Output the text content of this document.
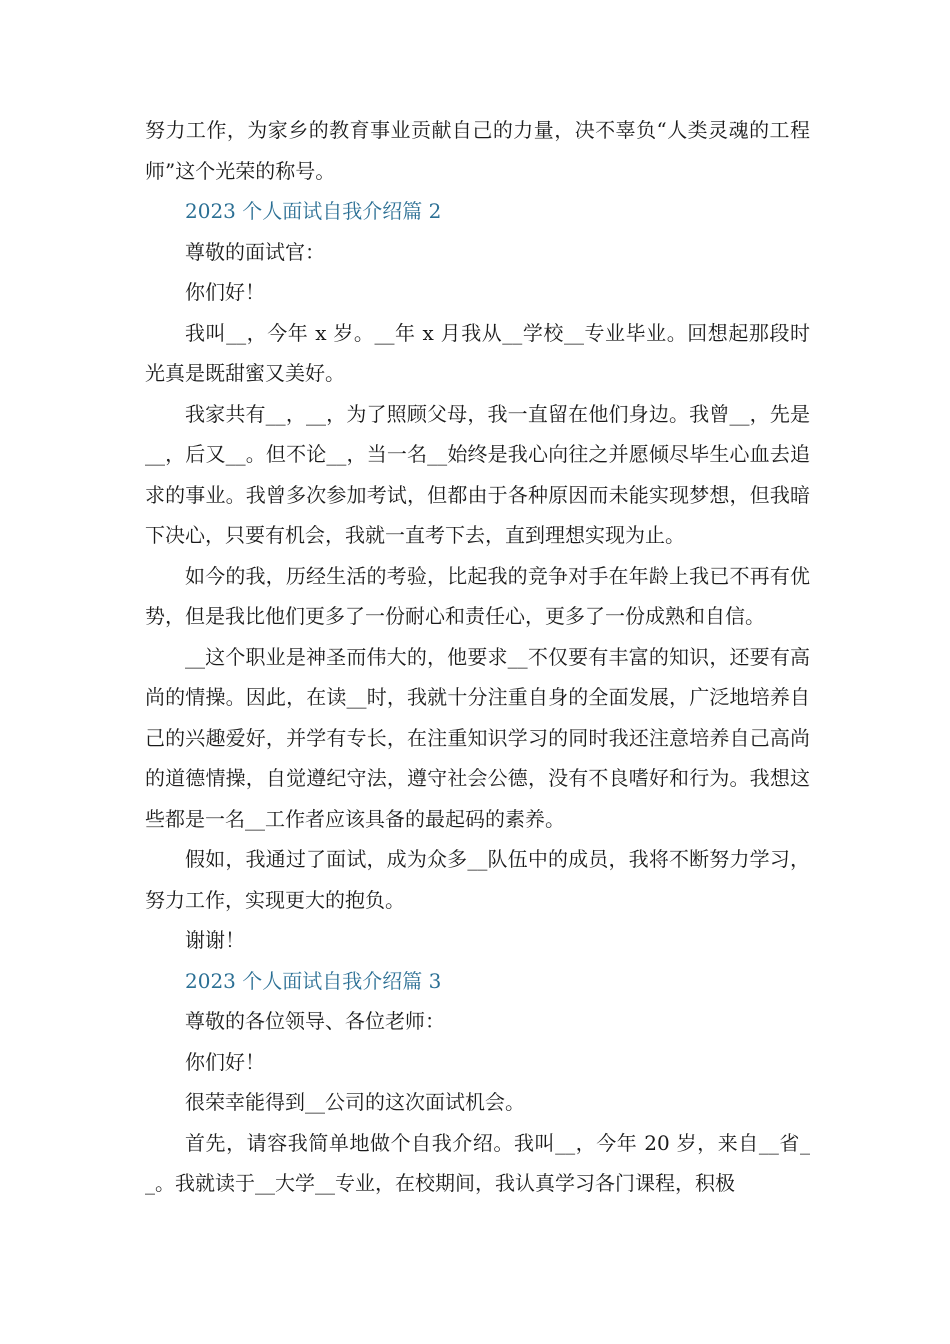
努力工作，为家乡的教育事业贡献自己的力量，决不辜负“人类灵魂的工程师”这个光荣的称号。

2023 个人面试自我介绍篇 2

尊敬的面试官：

你们好！

我叫__，今年 x 岁。__年 x 月我从__学校__专业毕业。回想起那段时光真是既甜蜜又美好。

我家共有__，__，为了照顾父母，我一直留在他们身边。我曾__，先是__，后又__。但不论__，当一名__始终是我心向往之并愿倾尽毕生心血去追求的事业。我曾多次参加考试，但都由于各种原因而未能实现梦想，但我暗下决心，只要有机会，我就一直考下去，直到理想实现为止。

如今的我，历经生活的考验，比起我的竞争对手在年龄上我已不再有优势，但是我比他们更多了一份耐心和责任心，更多了一份成熟和自信。

__这个职业是神圣而伟大的，他要求__不仅要有丰富的知识，还要有高尚的情操。因此，在读__时，我就十分注重自身的全面发展，广泛地培养自己的兴趣爱好，并学有专长，在注重知识学习的同时我还注意培养自己高尚的道德情操，自觉遵纪守法，遵守社会公德，没有不良嗜好和行为。我想这些都是一名__工作者应该具备的最起码的素养。

假如，我通过了面试，成为众多__队伍中的成员，我将不断努力学习，努力工作，实现更大的抱负。

谢谢！

2023 个人面试自我介绍篇 3

尊敬的各位领导、各位老师：

你们好！

很荣幸能得到__公司的这次面试机会。

首先，请容我简单地做个自我介绍。我叫__，今年 20 岁，来自__省__。我就读于__大学__专业，在校期间，我认真学习各门课程，积极
